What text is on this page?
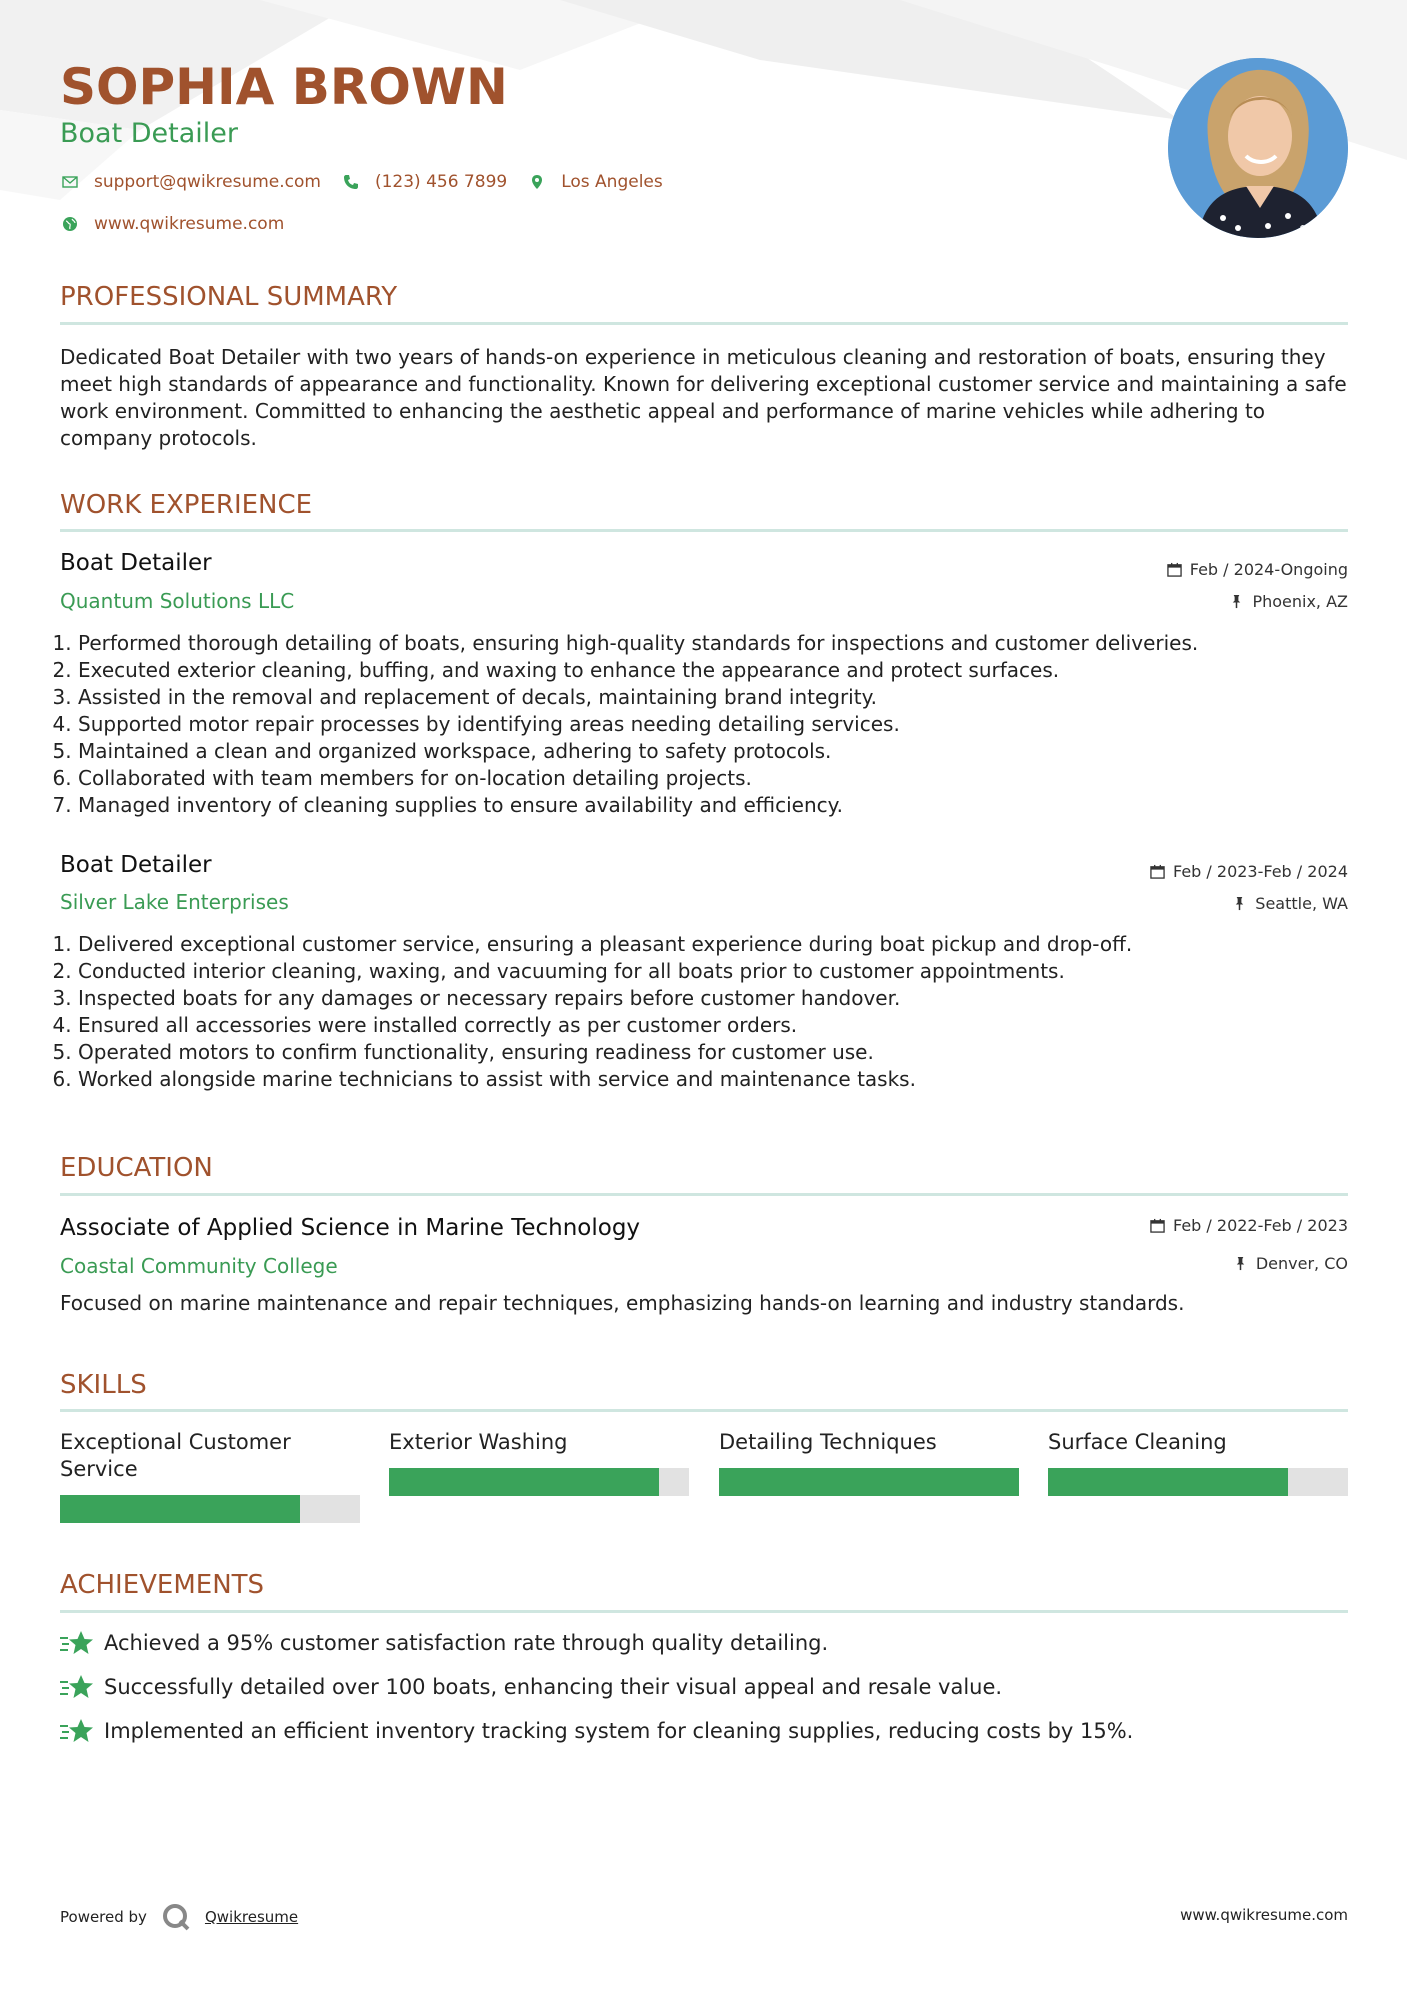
SOPHIA BROWN
Boat Detailer
support@qwikresume.com	(123) 456 7899	Los Angeles
www.qwikresume.com
PROFESSIONAL SUMMARY
Dedicated Boat Detailer with two years of hands-on experience in meticulous cleaning and restoration of boats, ensuring they meet high standards of appearance and functionality. Known for delivering exceptional customer service and maintaining a safe work environment. Committed to enhancing the aesthetic appeal and performance of marine vehicles while adhering to company protocols.
WORK EXPERIENCE
Boat Detailer	Feb / 2024-Ongoing
Quantum Solutions LLC	Phoenix, AZ
1. Performed thorough detailing of boats, ensuring high-quality standards for inspections and customer deliveries.
2. Executed exterior cleaning, buffing, and waxing to enhance the appearance and protect surfaces.
3. Assisted in the removal and replacement of decals, maintaining brand integrity.
4. Supported motor repair processes by identifying areas needing detailing services.
5. Maintained a clean and organized workspace, adhering to safety protocols.
6. Collaborated with team members for on-location detailing projects.
7. Managed inventory of cleaning supplies to ensure availability and efficiency.
Boat Detailer	Feb / 2023-Feb / 2024
Silver Lake Enterprises	Seattle, WA
1. Delivered exceptional customer service, ensuring a pleasant experience during boat pickup and drop-off.
2. Conducted interior cleaning, waxing, and vacuuming for all boats prior to customer appointments.
3. Inspected boats for any damages or necessary repairs before customer handover.
4. Ensured all accessories were installed correctly as per customer orders.
5. Operated motors to confirm functionality, ensuring readiness for customer use.
6. Worked alongside marine technicians to assist with service and maintenance tasks.
EDUCATION
Associate of Applied Science in Marine Technology	Feb / 2022-Feb / 2023
Coastal Community College	Denver, CO
Focused on marine maintenance and repair techniques, emphasizing hands-on learning and industry standards.
SKILLS
Exceptional Customer Service
Exterior Washing	Detailing Techniques	Surface Cleaning
ACHIEVEMENTS
Achieved a 95% customer satisfaction rate through quality detailing.
Successfully detailed over 100 boats, enhancing their visual appeal and resale value.
Implemented an efficient inventory tracking system for cleaning supplies, reducing costs by 15%.
Powered by	Qwikresume	www.qwikresume.com
